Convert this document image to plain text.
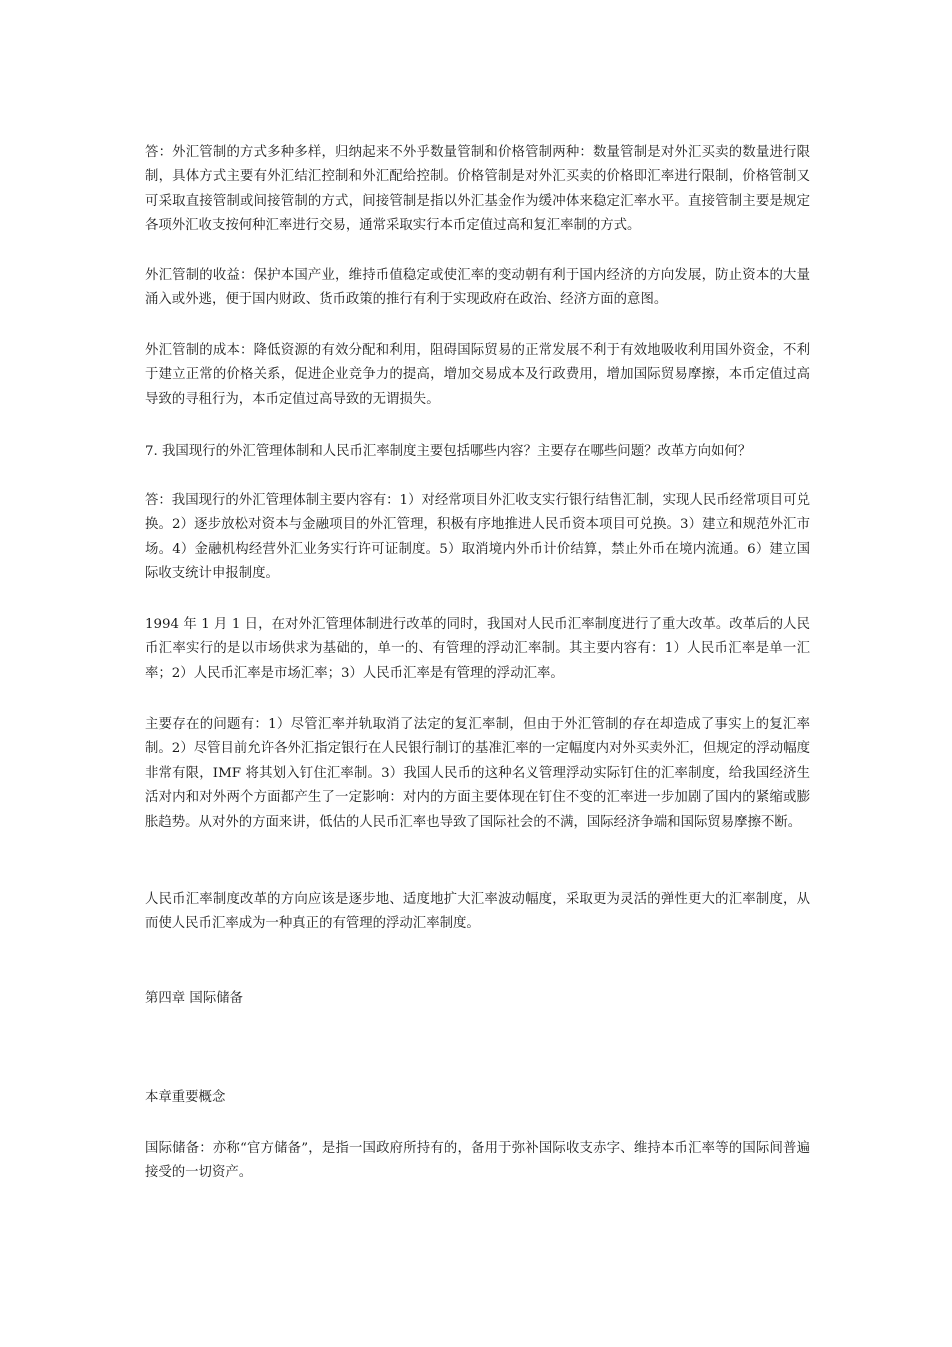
答：外汇管制的方式多种多样，归纳起来不外乎数量管制和价格管制两种：数量管制是对外汇买卖的数量进行限制，具体方式主要有外汇结汇控制和外汇配给控制。价格管制是对外汇买卖的价格即汇率进行限制，价格管制又可采取直接管制或间接管制的方式，间接管制是指以外汇基金作为缓冲体来稳定汇率水平。直接管制主要是规定各项外汇收支按何种汇率进行交易，通常采取实行本币定值过高和复汇率制的方式。

外汇管制的收益：保护本国产业，维持币值稳定或使汇率的变动朝有利于国内经济的方向发展，防止资本的大量涌入或外逃，便于国内财政、货币政策的推行有利于实现政府在政治、经济方面的意图。

外汇管制的成本：降低资源的有效分配和利用，阻碍国际贸易的正常发展不利于有效地吸收利用国外资金，不利于建立正常的价格关系，促进企业竞争力的提高，增加交易成本及行政费用，增加国际贸易摩擦，本币定值过高导致的寻租行为，本币定值过高导致的无谓损失。

7. 我国现行的外汇管理体制和人民币汇率制度主要包括哪些内容？主要存在哪些问题？改革方向如何？

答：我国现行的外汇管理体制主要内容有：1）对经常项目外汇收支实行银行结售汇制，实现人民币经常项目可兑换。2）逐步放松对资本与金融项目的外汇管理，积极有序地推进人民币资本项目可兑换。3）建立和规范外汇市场。4）金融机构经营外汇业务实行许可证制度。5）取消境内外币计价结算，禁止外币在境内流通。6）建立国际收支统计申报制度。

1994 年 1 月 1 日，在对外汇管理体制进行改革的同时，我国对人民币汇率制度进行了重大改革。改革后的人民币汇率实行的是以市场供求为基础的，单一的、有管理的浮动汇率制。其主要内容有：1）人民币汇率是单一汇率；2）人民币汇率是市场汇率；3）人民币汇率是有管理的浮动汇率。

主要存在的问题有：1）尽管汇率并轨取消了法定的复汇率制，但由于外汇管制的存在却造成了事实上的复汇率制。2）尽管目前允许各外汇指定银行在人民银行制订的基准汇率的一定幅度内对外买卖外汇，但规定的浮动幅度非常有限，IMF 将其划入钉住汇率制。3）我国人民币的这种名义管理浮动实际钉住的汇率制度，给我国经济生活对内和对外两个方面都产生了一定影响：对内的方面主要体现在钉住不变的汇率进一步加剧了国内的紧缩或膨胀趋势。从对外的方面来讲，低估的人民币汇率也导致了国际社会的不满，国际经济争端和国际贸易摩擦不断。

人民币汇率制度改革的方向应该是逐步地、适度地扩大汇率波动幅度，采取更为灵活的弹性更大的汇率制度，从而使人民币汇率成为一种真正的有管理的浮动汇率制度。

第四章 国际储备

本章重要概念

国际储备：亦称“官方储备”，是指一国政府所持有的，备用于弥补国际收支赤字、维持本币汇率等的国际间普遍接受的一切资产。
